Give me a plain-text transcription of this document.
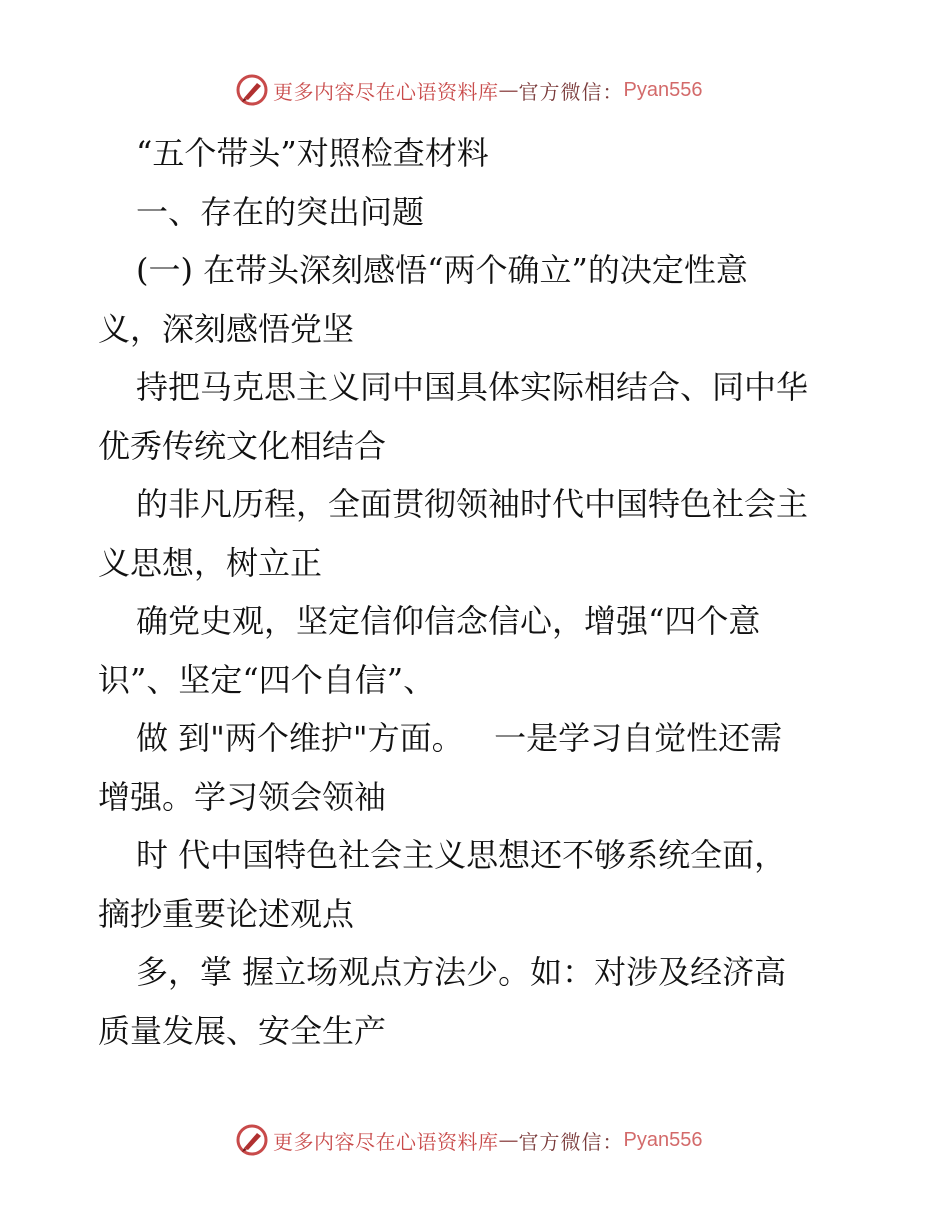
更多内容尽在心语资料库 — 官方微信： Pyan556
“五个带头”对照检查材料
一、存在的突出问题
(一) 在带头深刻感悟“两个确立”的决定性意
义，深刻感悟党坚
持把马克思主义同中国具体实际相结合、同中华
优秀传统文化相结合
的非凡历程，全面贯彻领袖时代中国特色社会主
义思想，树立正
确党史观，坚定信仰信念信心，增强“四个意
识”、坚定“四个自信”、
做 到"两个维护"方面。   一是学习自觉性还需
增强。学习领会领袖
时 代中国特色社会主义思想还不够系统全面，
摘抄重要论述观点
多，掌 握立场观点方法少。如：对涉及经济高
质量发展、安全生产
更多内容尽在心语资料库 — 官方微信： Pyan556
